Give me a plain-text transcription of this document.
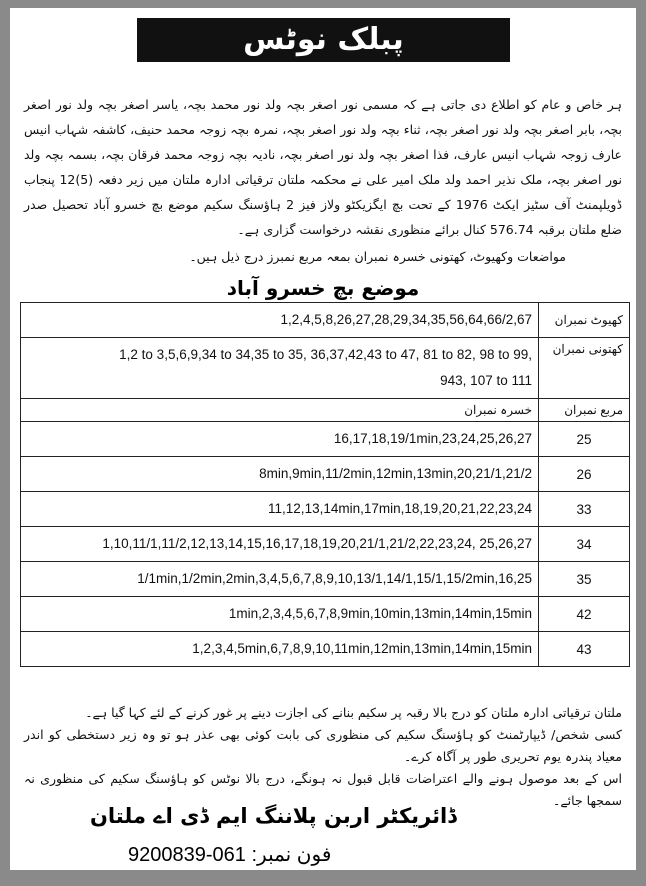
پبلک نوٹس
ہر خاص و عام کو اطلاع دی جاتی ہے کہ مسمی نور اصغر بچہ ولد نور محمد بچہ، یاسر اصغر بچہ ولد نور اصغر بچہ، بابر اصغر بچہ ولد نور اصغر بچہ، ثناء بچہ ولد نور اصغر بچہ، نمرہ بچہ زوجہ محمد حنیف، کاشفہ شہاب انیس عارف زوجہ شہاب انیس عارف، فذا اصغر بچہ ولد نور اصغر بچہ، نادیہ بچہ زوجہ محمد فرقان بچہ، بسمہ بچہ ولد نور اصغر بچہ، ملک نذیر احمد ولد ملک امیر علی نے محکمہ ملتان ترقیاتی ادارہ ملتان میں زیر دفعہ (5)12 پنجاب ڈویلپمنٹ آف سٹیز ایکٹ 1976 کے تحت بچ ایگزیکٹو ولاز فیز 2 ہاؤسنگ سکیم موضع بچ خسرو آباد تحصیل صدر ضلع ملتان برقبہ 576.74 کنال برائے منظوری نقشہ درخواست گزاری ہے۔
مواضعات وکھیوٹ، کھتونی خسرہ نمبران بمعہ مربع نمبرز درج ذیل ہیں۔
موضع بچ خسرو آباد
1,2,4,5,8,26,27,28,29,34,35,56,64,66/2,67	کھیوٹ نمبران
1,2 to 3,5,6,9,34 to 34,35 to 35, 36,37,42,43 to 47, 81 to 82, 98 to 99, 943, 107 to 111	کھتونی نمبران
خسرہ نمبران	مربع نمبران
16,17,18,19/1min,23,24,25,26,27	25
8min,9min,11/2min,12min,13min,20,21/1,21/2	26
11,12,13,14min,17min,18,19,20,21,22,23,24	33
1,10,11/1,11/2,12,13,14,15,16,17,18,19,20,21/1,21/2,22,23,24, 25,26,27	34
1/1min,1/2min,2min,3,4,5,6,7,8,9,10,13/1,14/1,15/1,15/2min,16,25	35
1min,2,3,4,5,6,7,8,9min,10min,13min,14min,15min	42
1,2,3,4,5min,6,7,8,9,10,11min,12min,13min,14min,15min	43
ملتان ترقیاتی ادارہ ملتان کو درج بالا رقبہ پر سکیم بنانے کی اجازت دینے پر غور کرنے کے لئے کہا گیا ہے۔
کسی شخص/ ڈیپارٹمنٹ کو ہاؤسنگ سکیم کی منظوری کی بابت کوئی بھی عذر ہو تو وہ زیر دستخطی کو اندر معیاد پندرہ یوم تحریری طور پر آگاہ کرے۔
اس کے بعد موصول ہونے والے اعتراضات قابل قبول نہ ہونگے، درج بالا نوٹس کو ہاؤسنگ سکیم کی منظوری نہ سمجھا جائے۔
ڈائریکٹر اربن پلاننگ ایم ڈی اے ملتان
فون نمبر: 061-9200839
